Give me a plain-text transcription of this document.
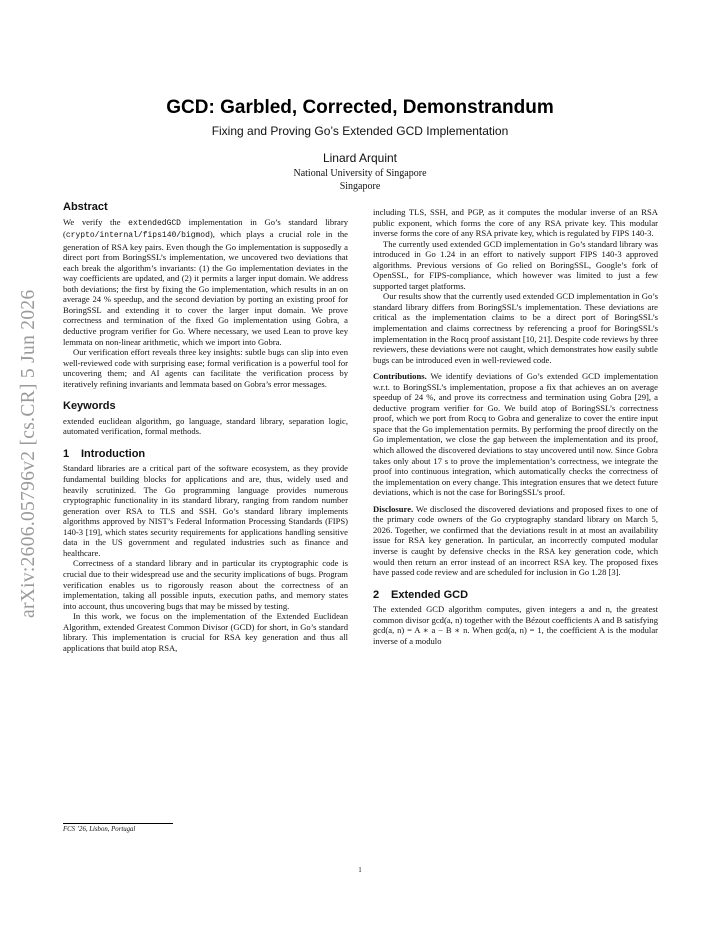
arXiv:2606.05796v2 [cs.CR] 5 Jun 2026
GCD: Garbled, Corrected, Demonstrandum
Fixing and Proving Go’s Extended GCD Implementation
Linard Arquint
National University of Singapore
Singapore
Abstract

We verify the extendedGCD implementation in Go’s standard library (crypto/internal/fips140/bigmod), which plays a crucial role in the generation of RSA key pairs. Even though the Go implementation is supposedly a direct port from BoringSSL’s implementation, we uncovered two deviations that each break the algorithm’s invariants: (1) the Go implementation deviates in the way coefficients are updated, and (2) it permits a larger input domain. We address both deviations; the first by fixing the Go implementation, which results in an on average 24 % speedup, and the second deviation by porting an existing proof for BoringSSL and extending it to cover the larger input domain. We prove correctness and termination of the fixed Go implementation using Gobra, a deductive program verifier for Go. Where necessary, we used Lean to prove key lemmata on non-linear arithmetic, which we import into Gobra.

Our verification effort reveals three key insights: subtle bugs can slip into even well-reviewed code with surprising ease; formal verification is a powerful tool for uncovering them; and AI agents can facilitate the verification process by iteratively refining invariants and lemmata based on Gobra’s error messages.

Keywords

extended euclidean algorithm, go language, standard library, separation logic, automated verification, formal methods.

1 Introduction

Standard libraries are a critical part of the software ecosystem, as they provide fundamental building blocks for applications and are, thus, widely used and heavily scrutinized. The Go programming language provides numerous cryptographic functionality in its standard library, ranging from random number generation over RSA to TLS and SSH. Go’s standard library implements algorithms approved by NIST’s Federal Information Processing Standards (FIPS) 140-3 [19], which states security requirements for applications handling sensitive data in the US government and regulated industries such as finance and healthcare.

Correctness of a standard library and in particular its cryptographic code is crucial due to their widespread use and the security implications of bugs. Program verification enables us to rigorously reason about the correctness of an implementation, taking all possible inputs, execution paths, and memory states into account, thus uncovering bugs that may be missed by testing.

In this work, we focus on the implementation of the Extended Euclidean Algorithm, extended Greatest Common Divisor (GCD) for short, in Go’s standard library. This implementation is crucial for RSA key generation and thus all applications that build atop RSA,

including TLS, SSH, and PGP, as it computes the modular inverse of an RSA public exponent, which forms the core of any RSA private key. This modular inverse forms the core of any RSA private key, which is regulated by FIPS 140-3.

The currently used extended GCD implementation in Go’s standard library was introduced in Go 1.24 in an effort to natively support FIPS 140-3 approved algorithms. Previous versions of Go relied on BoringSSL, Google’s fork of OpenSSL, for FIPS-compliance, which however was limited to just a few supported target platforms.

Our results show that the currently used extended GCD implementation in Go’s standard library differs from BoringSSL’s implementation. These deviations are critical as the implementation claims to be a direct port of BoringSSL’s implementation and claims correctness by referencing a proof for BoringSSL’s implementation in the Rocq proof assistant [10, 21]. Despite code reviews by three reviewers, these deviations were not caught, which demonstrates how easily subtle bugs can be introduced even in well-reviewed code.

Contributions. We identify deviations of Go’s extended GCD implementation w.r.t. to BoringSSL’s implementation, propose a fix that achieves an on average speedup of 24 %, and prove its correctness and termination using Gobra [29], a deductive program verifier for Go. We build atop of BoringSSL’s correctness proof, which we port from Rocq to Gobra and generalize to cover the entire input space that the Go implementation permits. By performing the proof directly on the Go implementation, we close the gap between the implementation and its proof, which allowed the discovered deviations to stay uncovered until now. Since Gobra takes only about 17 s to prove the implementation’s correctness, we integrate the proof into continuous integration, which automatically checks the correctness of the implementation on every change. This integration ensures that we detect future deviations, which is not the case for BoringSSL’s proof.

Disclosure. We disclosed the discovered deviations and proposed fixes to one of the primary code owners of the Go cryptography standard library on March 5, 2026. Together, we confirmed that the deviations result in at most an availability issue for RSA key generation. In particular, an incorrectly computed modular inverse is caught by defensive checks in the RSA key generation code, which would then return an error instead of an incorrect RSA key. The proposed fixes have passed code review and are scheduled for inclusion in Go 1.28 [3].

2 Extended GCD

The extended GCD algorithm computes, given integers a and n, the greatest common divisor gcd(a, n) together with the Bézout coefficients A and B satisfying gcd(a, n) = A ∗ a − B ∗ n. When gcd(a, n) = 1, the coefficient A is the modular inverse of a modulo

FCS ’26, Lisbon, Portugal
1
